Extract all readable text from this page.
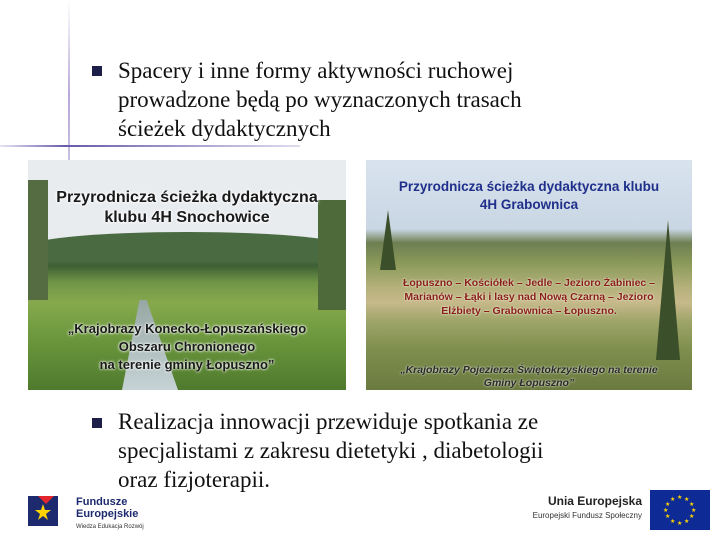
Spacery i inne formy aktywności ruchowej
prowadzone będą po wyznaczonych trasach
ścieżek dydaktycznych
Przyrodnicza ścieżka dydaktyczna
klubu 4H Snochowice
„Krajobrazy Konecko-Łopuszańskiego
Obszaru Chronionego
na terenie gminy Łopuszno”
Przyrodnicza ścieżka dydaktyczna klubu
4H Grabownica
Łopuszno – Kościółek – Jedle – Jezioro Żabiniec –
Marianów – Łąki i lasy nad Nową Czarną – Jezioro
Elżbiety – Grabownica – Łopuszno.
„Krajobrazy Pojezierza Świętokrzyskiego na terenie
Gminy Łopuszno”
Realizacja innowacji przewiduje spotkania ze
specjalistami z zakresu dietetyki , diabetologii
oraz fizjoterapii.
Fundusze
Europejskie
Wiedza Edukacja Rozwój
Unia Europejska
Europejski Fundusz Społeczny
★ ★
★
★
★
★
★
★
★
★
★
★
